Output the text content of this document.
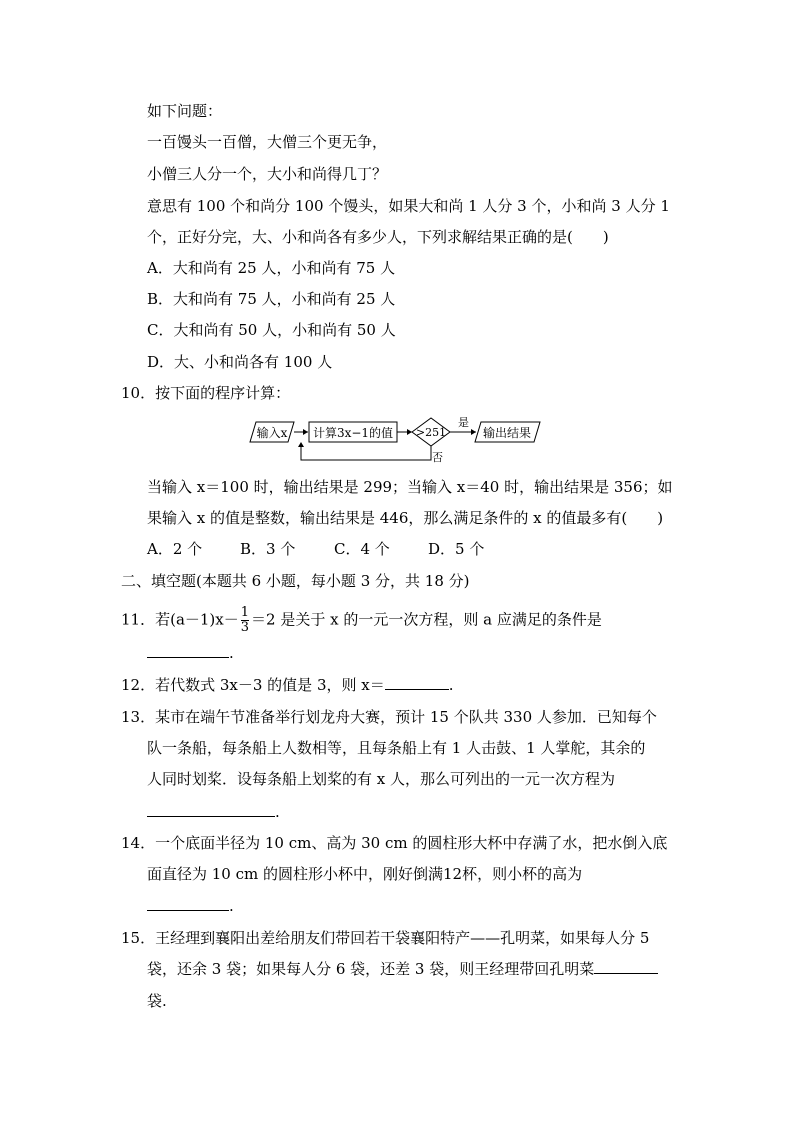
如下问题：
一百馒头一百僧，大僧三个更无争，
小僧三人分一个，大小和尚得几丁？
意思有 100 个和尚分 100 个馒头，如果大和尚 1 人分 3 个，小和尚 3 人分 1
个，正好分完，大、小和尚各有多少人，下列求解结果正确的是(　　)
A．大和尚有 25 人，小和尚有 75 人
B．大和尚有 75 人，小和尚有 25 人
C．大和尚有 50 人，小和尚有 50 人
D．大、小和尚各有 100 人
10．按下面的程序计算：
输入x 计算3x−1的值 >251
是
输出结果
否
当输入 x＝100 时，输出结果是 299；当输入 x＝40 时，输出结果是 356；如
果输入 x 的值是整数，输出结果是 446，那么满足条件的 x 的值最多有(　　)
A．2 个	B．3 个	C．4 个	D．5 个
二、填空题(本题共 6 小题，每小题 3 分，共 18 分)
11．若$(a-1)x- \frac{1}{3} =2$ 是关于 x 的一元一次方程，则 a 应满足的条件是
.
12．若代数式 3x－3 的值是 3，则 x＝	.
13．某市在端午节准备举行划龙舟大赛，预计 15 个队共 330 人参加．已知每个
队一条船，每条船上人数相等，且每条船上有 1 人击鼓、1 人掌舵，其余的
人同时划桨．设每条船上划桨的有 x 人，那么可列出的一元一次方程为
.
14．一个底面半径为 10 cm、高为 30 cm 的圆柱形大杯中存满了水，把水倒入底
面直径为 10 cm 的圆柱形小杯中，刚好倒满12杯，则小杯的高为
.
15．王经理到襄阳出差给朋友们带回若干袋襄阳特产——孔明菜，如果每人分 5
袋，还余 3 袋；如果每人分 6 袋，还差 3 袋，则王经理带回孔明菜
袋.
